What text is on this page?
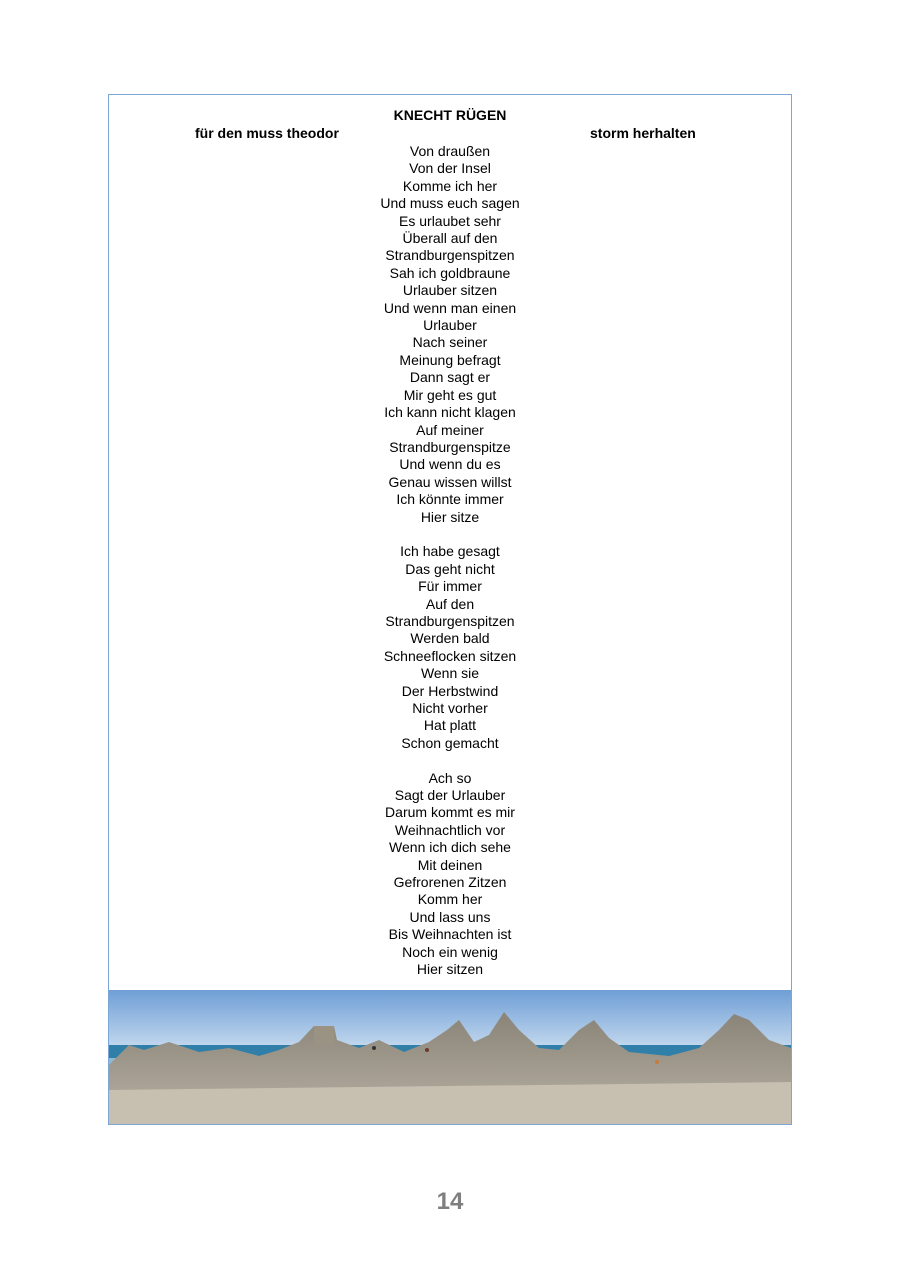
KNECHT RÜGEN
für den muss theodor	storm herhalten
Von draußen
Von der Insel
Komme ich her
Und muss euch sagen
Es urlaubet sehr
Überall auf den
Strandburgenspitzen
Sah ich goldbraune
Urlauber sitzen
Und wenn man einen
Urlauber
Nach seiner
Meinung befragt
Dann sagt er
Mir geht es gut
Ich kann nicht klagen
Auf meiner
Strandburgenspitze
Und wenn du es
Genau wissen willst
Ich könnte immer
Hier sitze
Ich habe gesagt
Das geht nicht
Für immer
Auf den
Strandburgenspitzen
Werden bald
Schneeflocken sitzen
Wenn sie
Der Herbstwind
Nicht vorher
Hat platt
Schon gemacht
Ach so
Sagt der Urlauber
Darum kommt es mir
Weihnachtlich vor
Wenn ich dich sehe
Mit deinen
Gefrorenen Zitzen
Komm her
Und lass uns
Bis Weihnachten ist
Noch ein wenig
Hier sitzen
14
